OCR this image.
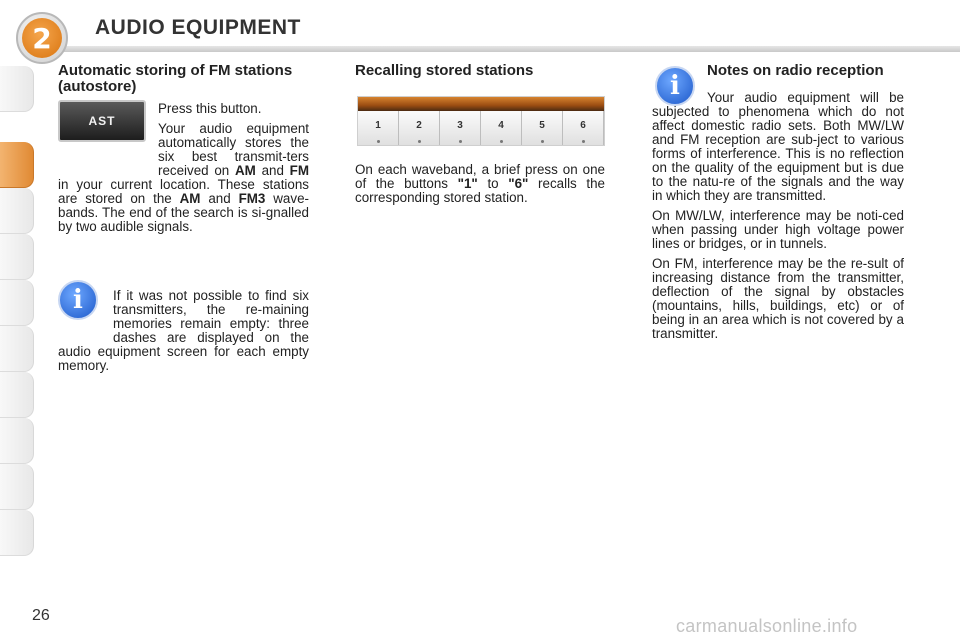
2	AUDIO EQUIPMENT
Automatic storing of FM stations (autostore)

Press this button.

Your audio equipment automatically stores the six best transmit-ters received on AM and FM in your current location. These stations are stored on the AM and FM3 wave-bands. The end of the search is si-gnalled by two audible signals.

If it was not possible to find six transmitters, the re-maining memories remain empty: three dashes are displayed on the audio equipment screen for each empty memory.

AST
i
Recalling stored stations

On each waveband, a brief press on one of the buttons "1" to "6" recalls the corresponding stored station.

1	2	3	4	5	6
i
Notes on radio reception

Your audio equipment will be subjected to phenomena which do not affect domestic radio sets. Both MW/LW and FM reception are sub-ject to various forms of interference. This is no reflection on the quality of the equipment but is due to the natu-re of the signals and the way in which they are transmitted.

On MW/LW, interference may be noti-ced when passing under high voltage power lines or bridges, or in tunnels.

On FM, interference may be the re-sult of increasing distance from the transmitter, deflection of the signal by obstacles (mountains, hills, buildings, etc) or of being in an area which is not covered by a transmitter.

26
carmanualsonline.info
